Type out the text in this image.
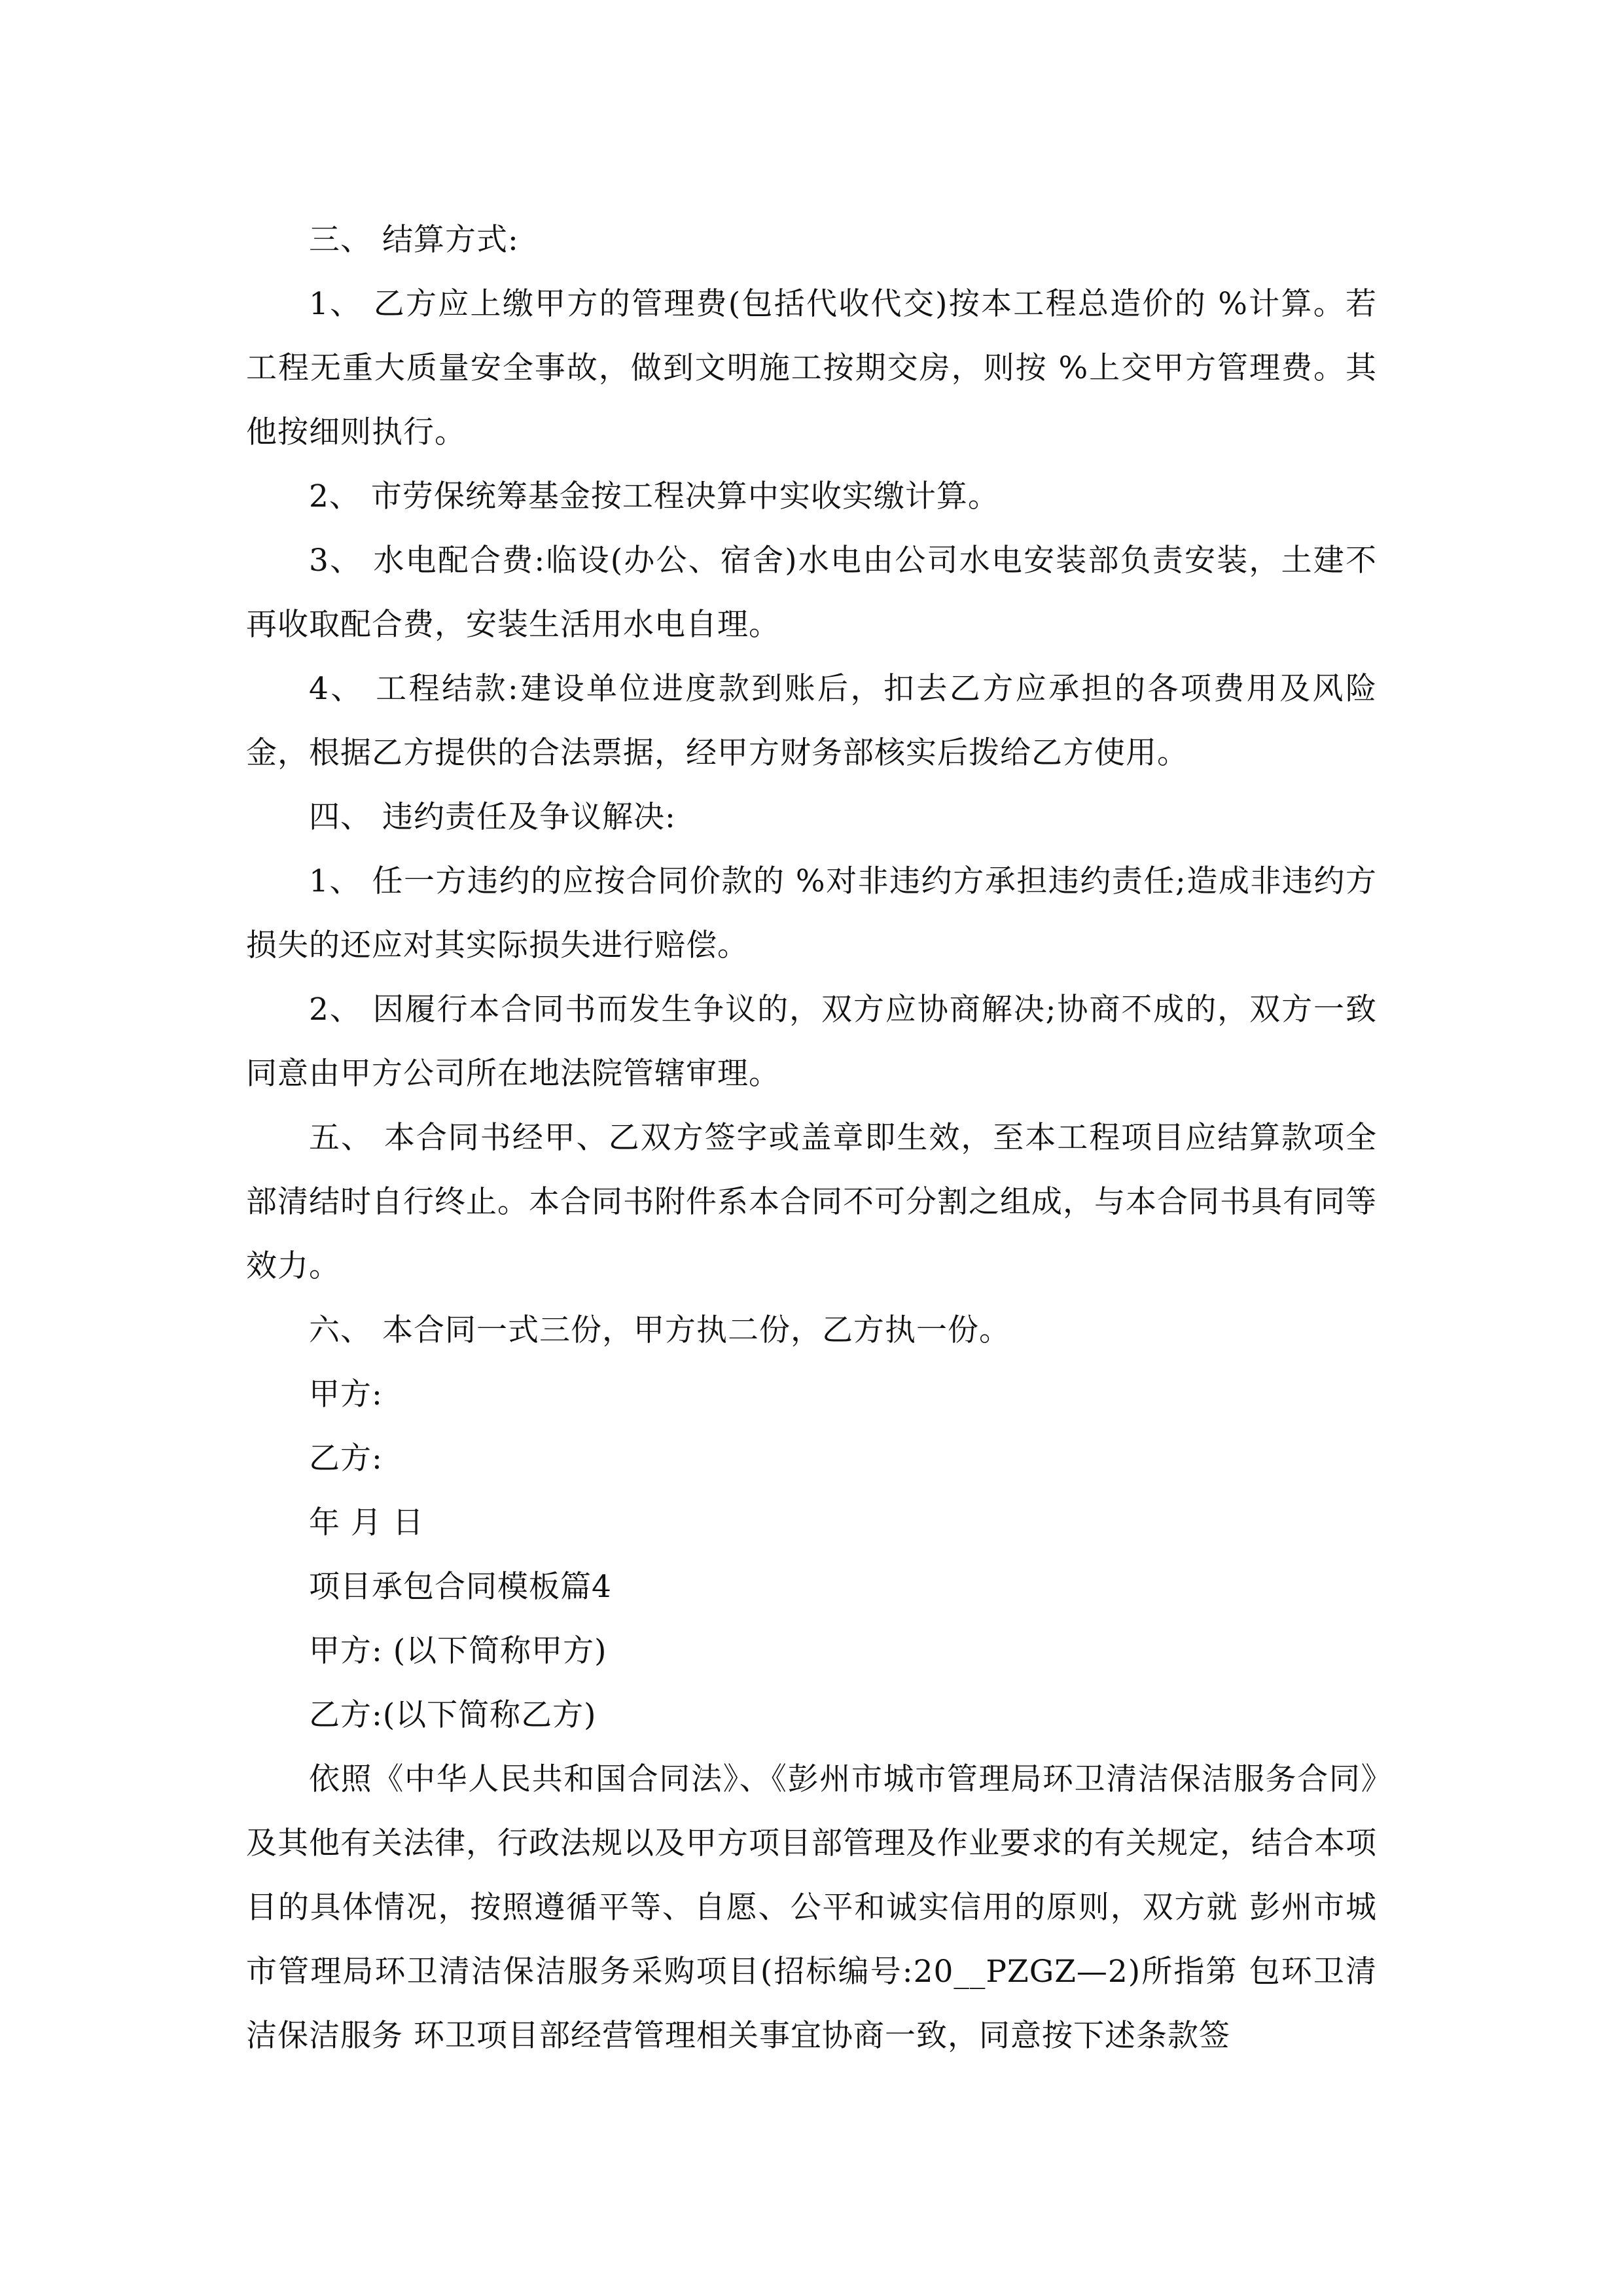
三、 结算方式:

1、 乙方应上缴甲方的管理费(包括代收代交)按本工程总造价的 %计算。若工程无重大质量安全事故，做到文明施工按期交房，则按 %上交甲方管理费。其他按细则执行。

2、 市劳保统筹基金按工程决算中实收实缴计算。

3、 水电配合费:临设(办公、宿舍)水电由公司水电安装部负责安装，土建不再收取配合费，安装生活用水电自理。

4、 工程结款:建设单位进度款到账后，扣去乙方应承担的各项费用及风险金，根据乙方提供的合法票据，经甲方财务部核实后拨给乙方使用。

四、 违约责任及争议解决:

1、 任一方违约的应按合同价款的 %对非违约方承担违约责任;造成非违约方损失的还应对其实际损失进行赔偿。

2、 因履行本合同书而发生争议的，双方应协商解决;协商不成的，双方一致同意由甲方公司所在地法院管辖审理。

五、 本合同书经甲、乙双方签字或盖章即生效，至本工程项目应结算款项全部清结时自行终止。本合同书附件系本合同不可分割之组成，与本合同书具有同等效力。

六、 本合同一式三份，甲方执二份，乙方执一份。

甲方:

乙方:

年 月 日

项目承包合同模板篇4

甲方: (以下简称甲方)

乙方:(以下简称乙方)

依照《中华人民共和国合同法》、《彭州市城市管理局环卫清洁保洁服务合同》及其他有关法律，行政法规以及甲方项目部管理及作业要求的有关规定，结合本项目的具体情况，按照遵循平等、自愿、公平和诚实信用的原则，双方就 彭州市城市管理局环卫清洁保洁服务采购项目(招标编号:20__PZGZ—2)所指第 包环卫清洁保洁服务 环卫项目部经营管理相关事宜协商一致，同意按下述条款签
